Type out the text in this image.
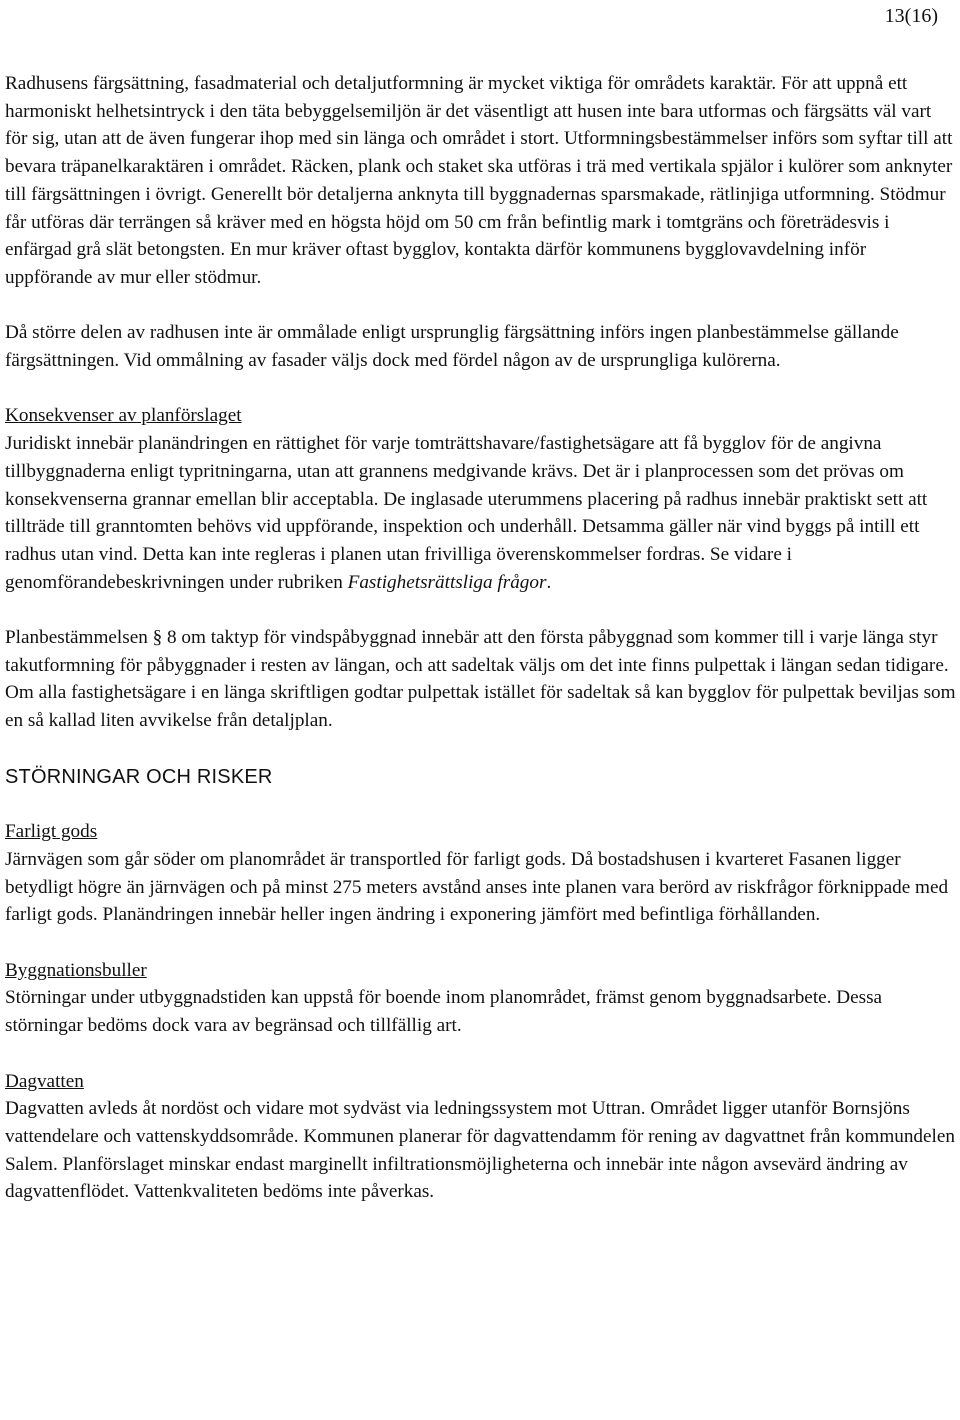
13(16)

Radhusens färgsättning, fasadmaterial och detaljutformning är mycket viktiga för områdets karaktär. För att uppnå ett harmoniskt helhetsintryck i den täta bebyggelsemiljön är det väsentligt att husen inte bara utformas och färgsätts väl vart för sig, utan att de även fungerar ihop med sin länga och området i stort. Utformningsbestämmelser införs som syftar till att bevara träpanelkaraktären i området. Räcken, plank och staket ska utföras i trä med vertikala spjälor i kulörer som anknyter till färgsättningen i övrigt. Generellt bör detaljerna anknyta till byggnadernas sparsmakade, rätlinjiga utformning. Stödmur får utföras där terrängen så kräver med en högsta höjd om 50 cm från befintlig mark i tomtgräns och företrädesvis i enfärgad grå slät betongsten. En mur kräver oftast bygglov, kontakta därför kommunens bygglovavdelning inför uppförande av mur eller stödmur.

Då större delen av radhusen inte är ommålade enligt ursprunglig färgsättning införs ingen planbestämmelse gällande färgsättningen. Vid ommålning av fasader väljs dock med fördel någon av de ursprungliga kulörerna.

Konsekvenser av planförslaget

Juridiskt innebär planändringen en rättighet för varje tomträttshavare/fastighetsägare att få bygglov för de angivna tillbyggnaderna enligt typritningarna, utan att grannens medgivande krävs. Det är i planprocessen som det prövas om konsekvenserna grannar emellan blir acceptabla. De inglasade uterummens placering på radhus innebär praktiskt sett att tillträde till granntomten behövs vid uppförande, inspektion och underhåll. Detsamma gäller när vind byggs på intill ett radhus utan vind. Detta kan inte regleras i planen utan frivilliga överenskommelser fordras. Se vidare i genomförandebeskrivningen under rubriken Fastighetsrättsliga frågor.

Planbestämmelsen § 8 om taktyp för vindspåbyggnad innebär att den första påbyggnad som kommer till i varje länga styr takutformning för påbyggnader i resten av längan, och att sadeltak väljs om det inte finns pulpettak i längan sedan tidigare. Om alla fastighetsägare i en länga skriftligen godtar pulpettak istället för sadeltak så kan bygglov för pulpettak beviljas som en så kallad liten avvikelse från detaljplan.

STÖRNINGAR OCH RISKER

Farligt gods

Järnvägen som går söder om planområdet är transportled för farligt gods. Då bostadshusen i kvarteret Fasanen ligger betydligt högre än järnvägen och på minst 275 meters avstånd anses inte planen vara berörd av riskfrågor förknippade med farligt gods. Planändringen innebär heller ingen ändring i exponering jämfört med befintliga förhållanden.

Byggnationsbuller

Störningar under utbyggnadstiden kan uppstå för boende inom planområdet, främst genom byggnadsarbete. Dessa störningar bedöms dock vara av begränsad och tillfällig art.

Dagvatten

Dagvatten avleds åt nordöst och vidare mot sydväst via ledningssystem mot Uttran. Området ligger utanför Bornsjöns vattendelare och vattenskyddsområde. Kommunen planerar för dagvattendamm för rening av dagvattnet från kommundelen Salem. Planförslaget minskar endast marginellt infiltrationsmöjligheterna och innebär inte någon avsevärd ändring av dagvattenflödet. Vattenkvaliteten bedöms inte påverkas.
